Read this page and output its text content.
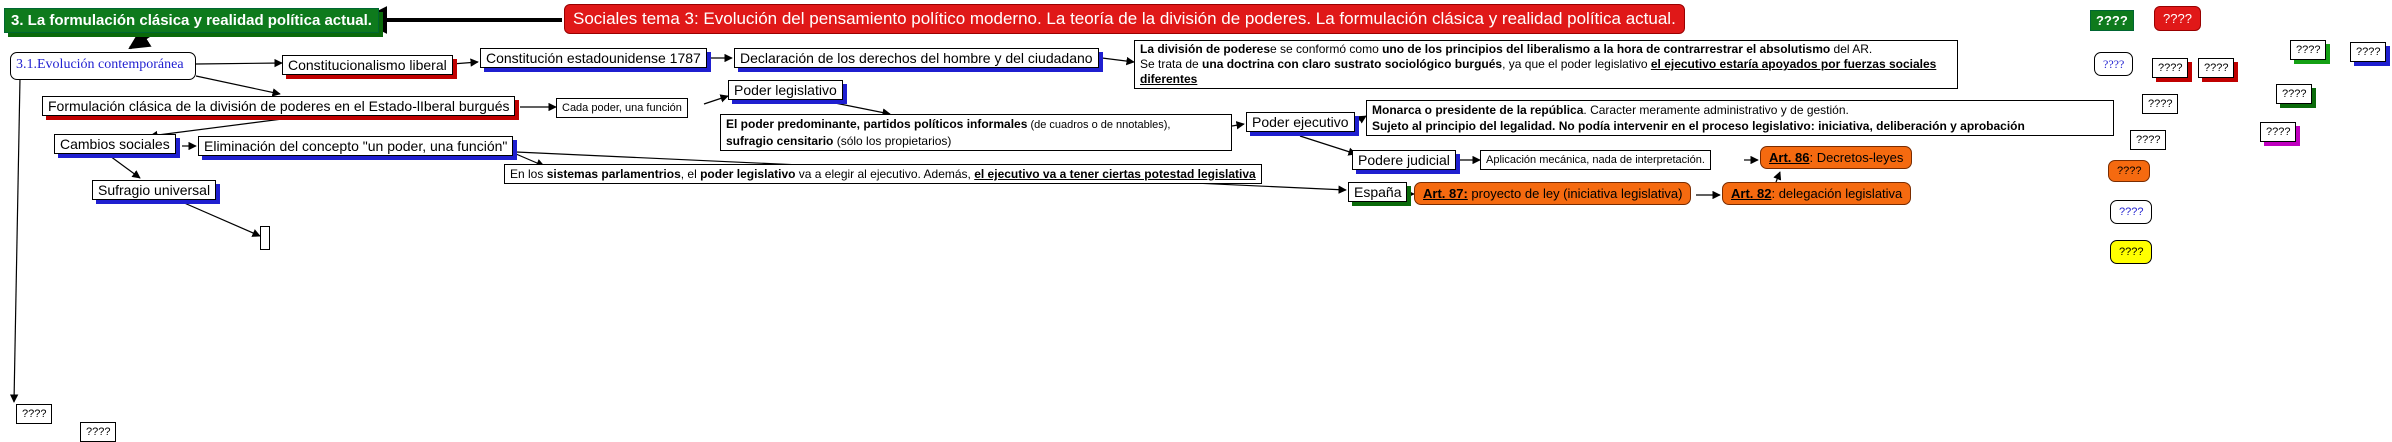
3. La formulación clásica y realidad política actual.	Sociales tema 3: Evolución del pensamiento político moderno. La teoría de la división de poderes. La formulación clásica y realidad política actual.
3.1.Evolución contemporánea	Constitucionalismo liberal	Constitución estadounidense 1787	Declaración de los derechos del hombre y del ciudadano
La división de poderese se conformó como uno de los principios del liberalismo a la hora de contrarrestrar el absolutismo del AR.
Se trata de una doctrina con claro sustrato sociológico burgués, ya que el poder legislativo el ejecutivo estaría apoyados por fuerzas sociales diferentes
Formulación clásica de la división de poderes en el Estado-lIberal burgués	Cada poder, una función
Poder legislativo
El poder predominante, partidos políticos informales (de cuadros o de nnotables),
sufragio censitario (sólo los propietarios)
Poder ejecutivo
Monarca o presidente de la república. Caracter meramente administrativo y de gestión.
Sujeto al principio del legalidad. No podía intervenir en el proceso legislativo: iniciativa, deliberación y aprobación
Cambios sociales	Eliminación del concepto "un poder, una función"
Podere judicial	Aplicación mecánica, nada de interpretación.	Art. 86: Decretos-leyes
En los sistemas parlamentrios, el poder legislativo va a elegir al ejecutivo. Además, el ejecutivo va a tener ciertas potestad legislativa
España	Art. 87: proyecto de ley (iniciativa legislativa)	Art. 82: delegación legislativa
Sufragio universal
????
????
????	????
????	????	????
????	????
????
????
????
????
????
????
????
